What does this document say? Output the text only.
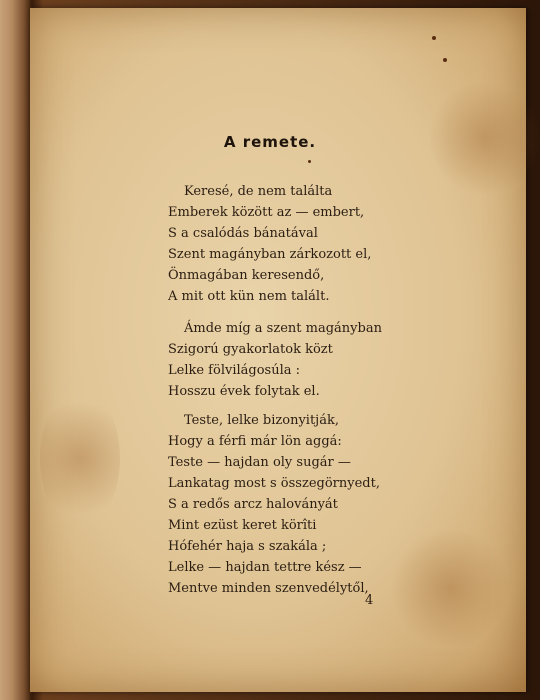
A remete.
Keresé, de nem találta
Emberek között az — embert,
S a csalódás bánatával
Szent magányban zárkozott el,
Önmagában keresendő,
A mit ott kün nem talált.
Ámde míg a szent magányban
Szigorú gyakorlatok közt
Lelke fölvilágosúla :
Hosszu évek folytak el.
Teste, lelke bizonyitják,
Hogy a férfi már lön aggá:
Teste — hajdan oly sugár —
Lankatag most s összegörnyedt,
S a redős arcz haloványát
Mint ezüst keret körîti
Hófehér haja s szakála ;
Lelke — hajdan tettre kész —
Mentve minden szenvedélytől,
4
